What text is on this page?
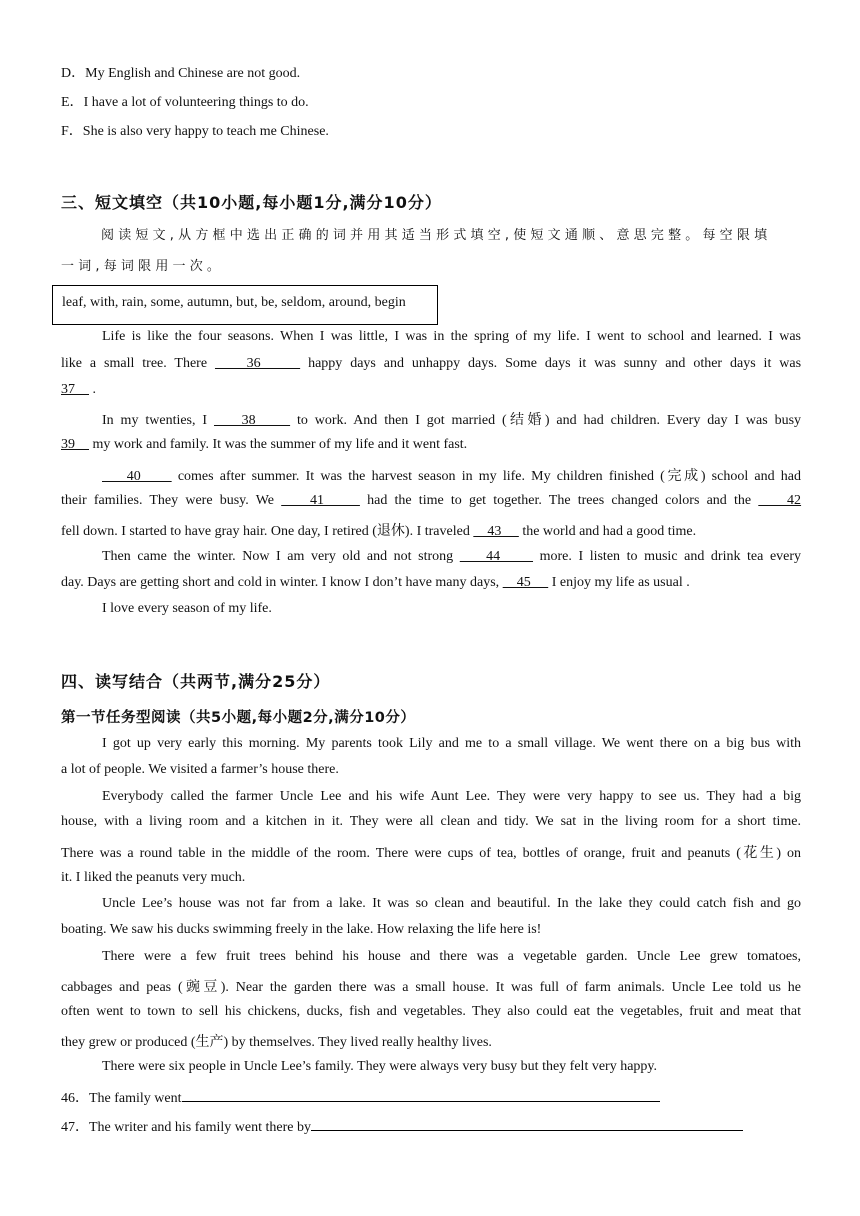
D．My English and Chinese are not good.
E．I have a lot of volunteering things to do.
F．She is also very happy to teach me Chinese.
三、短文填空（共10小题,每小题1分,满分10分）
阅读短文,从方框中选出正确的词并用其适当形式填空,使短文通顺、意思完整。每空限填
一词,每词限用一次。
leaf, with, rain, some, autumn, but, be, seldom, around, begin
Life is like the four seasons. When I was little, I was in the spring of my life. I went to school and learned. I was
like a small tree. There     36      happy days and unhappy days. Some days it was sunny and other days it was
37     .
In my twenties, I     38      to work. And then I got married (结婚) and had children. Every day I was busy
39     my work and family. It was the summer of my life and it went fast.
40      comes after summer. It was the harvest season in my life. My children finished (完成) school and had
their families. They were busy. We     41      had the time to get together. The trees changed colors and the     42
fell down. I started to have gray hair. One day, I retired (退休). I traveled     43      the world and had a good time.
Then came the winter. Now I am very old and not strong     44      more. I listen to music and drink tea every
day. Days are getting short and cold in winter. I know I don’t have many days,     45      I enjoy my life as usual .
I love every season of my life.
四、读写结合（共两节,满分25分）
第一节任务型阅读（共5小题,每小题2分,满分10分）
I got up very early this morning. My parents took Lily and me to a small village. We went there on a big bus with
a lot of people. We visited a farmer’s house there.
Everybody called the farmer Uncle Lee and his wife Aunt Lee. They were very happy to see us. They had a big
house, with a living room and a kitchen in it. They were all clean and tidy. We sat in the living room for a short time.
There was a round table in the middle of the room. There were cups of tea, bottles of orange, fruit and peanuts (花生) on
it. I liked the peanuts very much.
Uncle Lee’s house was not far from a lake. It was so clean and beautiful. In the lake they could catch fish and go
boating. We saw his ducks swimming freely in the lake. How relaxing the life here is!
There were a few fruit trees behind his house and there was a vegetable garden. Uncle Lee grew tomatoes,
cabbages and peas (豌豆). Near the garden there was a small house. It was full of farm animals. Uncle Lee told us he
often went to town to sell his chickens, ducks, fish and vegetables. They also could eat the vegetables, fruit and meat that
they grew or produced (生产) by themselves. They lived really healthy lives.
There were six people in Uncle Lee’s family. They were always very busy but they felt very happy.
46．The family went
47．The writer and his family went there by
